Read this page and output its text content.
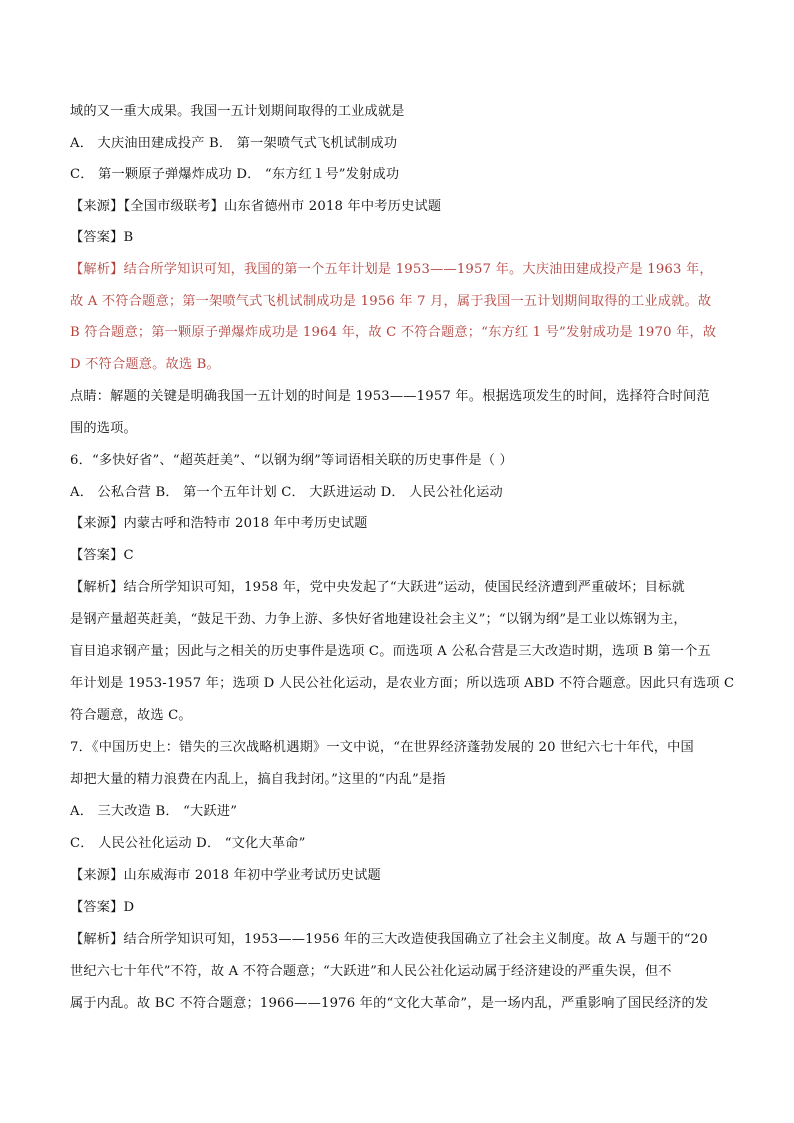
域的又一重大成果。我国一五计划期间取得的工业成就是
A． 大庆油田建成投产 B． 第一架喷气式飞机试制成功
C． 第一颗原子弹爆炸成功 D． “东方红１号”发射成功
【来源】【全国市级联考】山东省德州市 2018 年中考历史试题
【答案】B
【解析】结合所学知识可知，我国的第一个五年计划是 1953——1957 年。大庆油田建成投产是 1963 年，
故 A 不符合题意；第一架喷气式飞机试制成功是 1956 年 7 月，属于我国一五计划期间取得的工业成就。故
B 符合题意；第一颗原子弹爆炸成功是 1964 年，故 C 不符合题意；“东方红 1 号”发射成功是 1970 年，故
D 不符合题意。故选 B。
点睛：解题的关键是明确我国一五计划的时间是 1953——1957 年。根据选项发生的时间，选择符合时间范
围的选项。
6．“多快好省”、“超英赶美”、“以钢为纲”等词语相关联的历史事件是（ ）
A． 公私合营 B． 第一个五年计划 C． 大跃进运动 D． 人民公社化运动
【来源】内蒙古呼和浩特市 2018 年中考历史试题
【答案】C
【解析】结合所学知识可知，1958 年，党中央发起了“大跃进”运动，使国民经济遭到严重破坏；目标就
是钢产量超英赶美，“鼓足干劲、力争上游、多快好省地建设社会主义”；“以钢为纲”是工业以炼钢为主，
盲目追求钢产量；因此与之相关的历史事件是选项 C。而选项 A 公私合营是三大改造时期，选项 B 第一个五
年计划是 1953-1957 年；选项 D 人民公社化运动，是农业方面；所以选项 ABD 不符合题意。因此只有选项 C
符合题意，故选 C。
7．《中国历史上：错失的三次战略机遇期》一文中说，“在世界经济蓬勃发展的 20 世纪六七十年代，中国
却把大量的精力浪费在内乱上，搞自我封闭。”这里的“内乱”是指
A． 三大改造 B． “大跃进”
C． 人民公社化运动 D． “文化大革命”
【来源】山东威海市 2018 年初中学业考试历史试题
【答案】D
【解析】结合所学知识可知，1953——1956 年的三大改造使我国确立了社会主义制度。故 A 与题干的“20
世纪六七十年代”不符，故 A 不符合题意；“大跃进”和人民公社化运动属于经济建设的严重失误，但不
属于内乱。故 BC 不符合题意；1966——1976 年的“文化大革命”，是一场内乱，严重影响了国民经济的发
